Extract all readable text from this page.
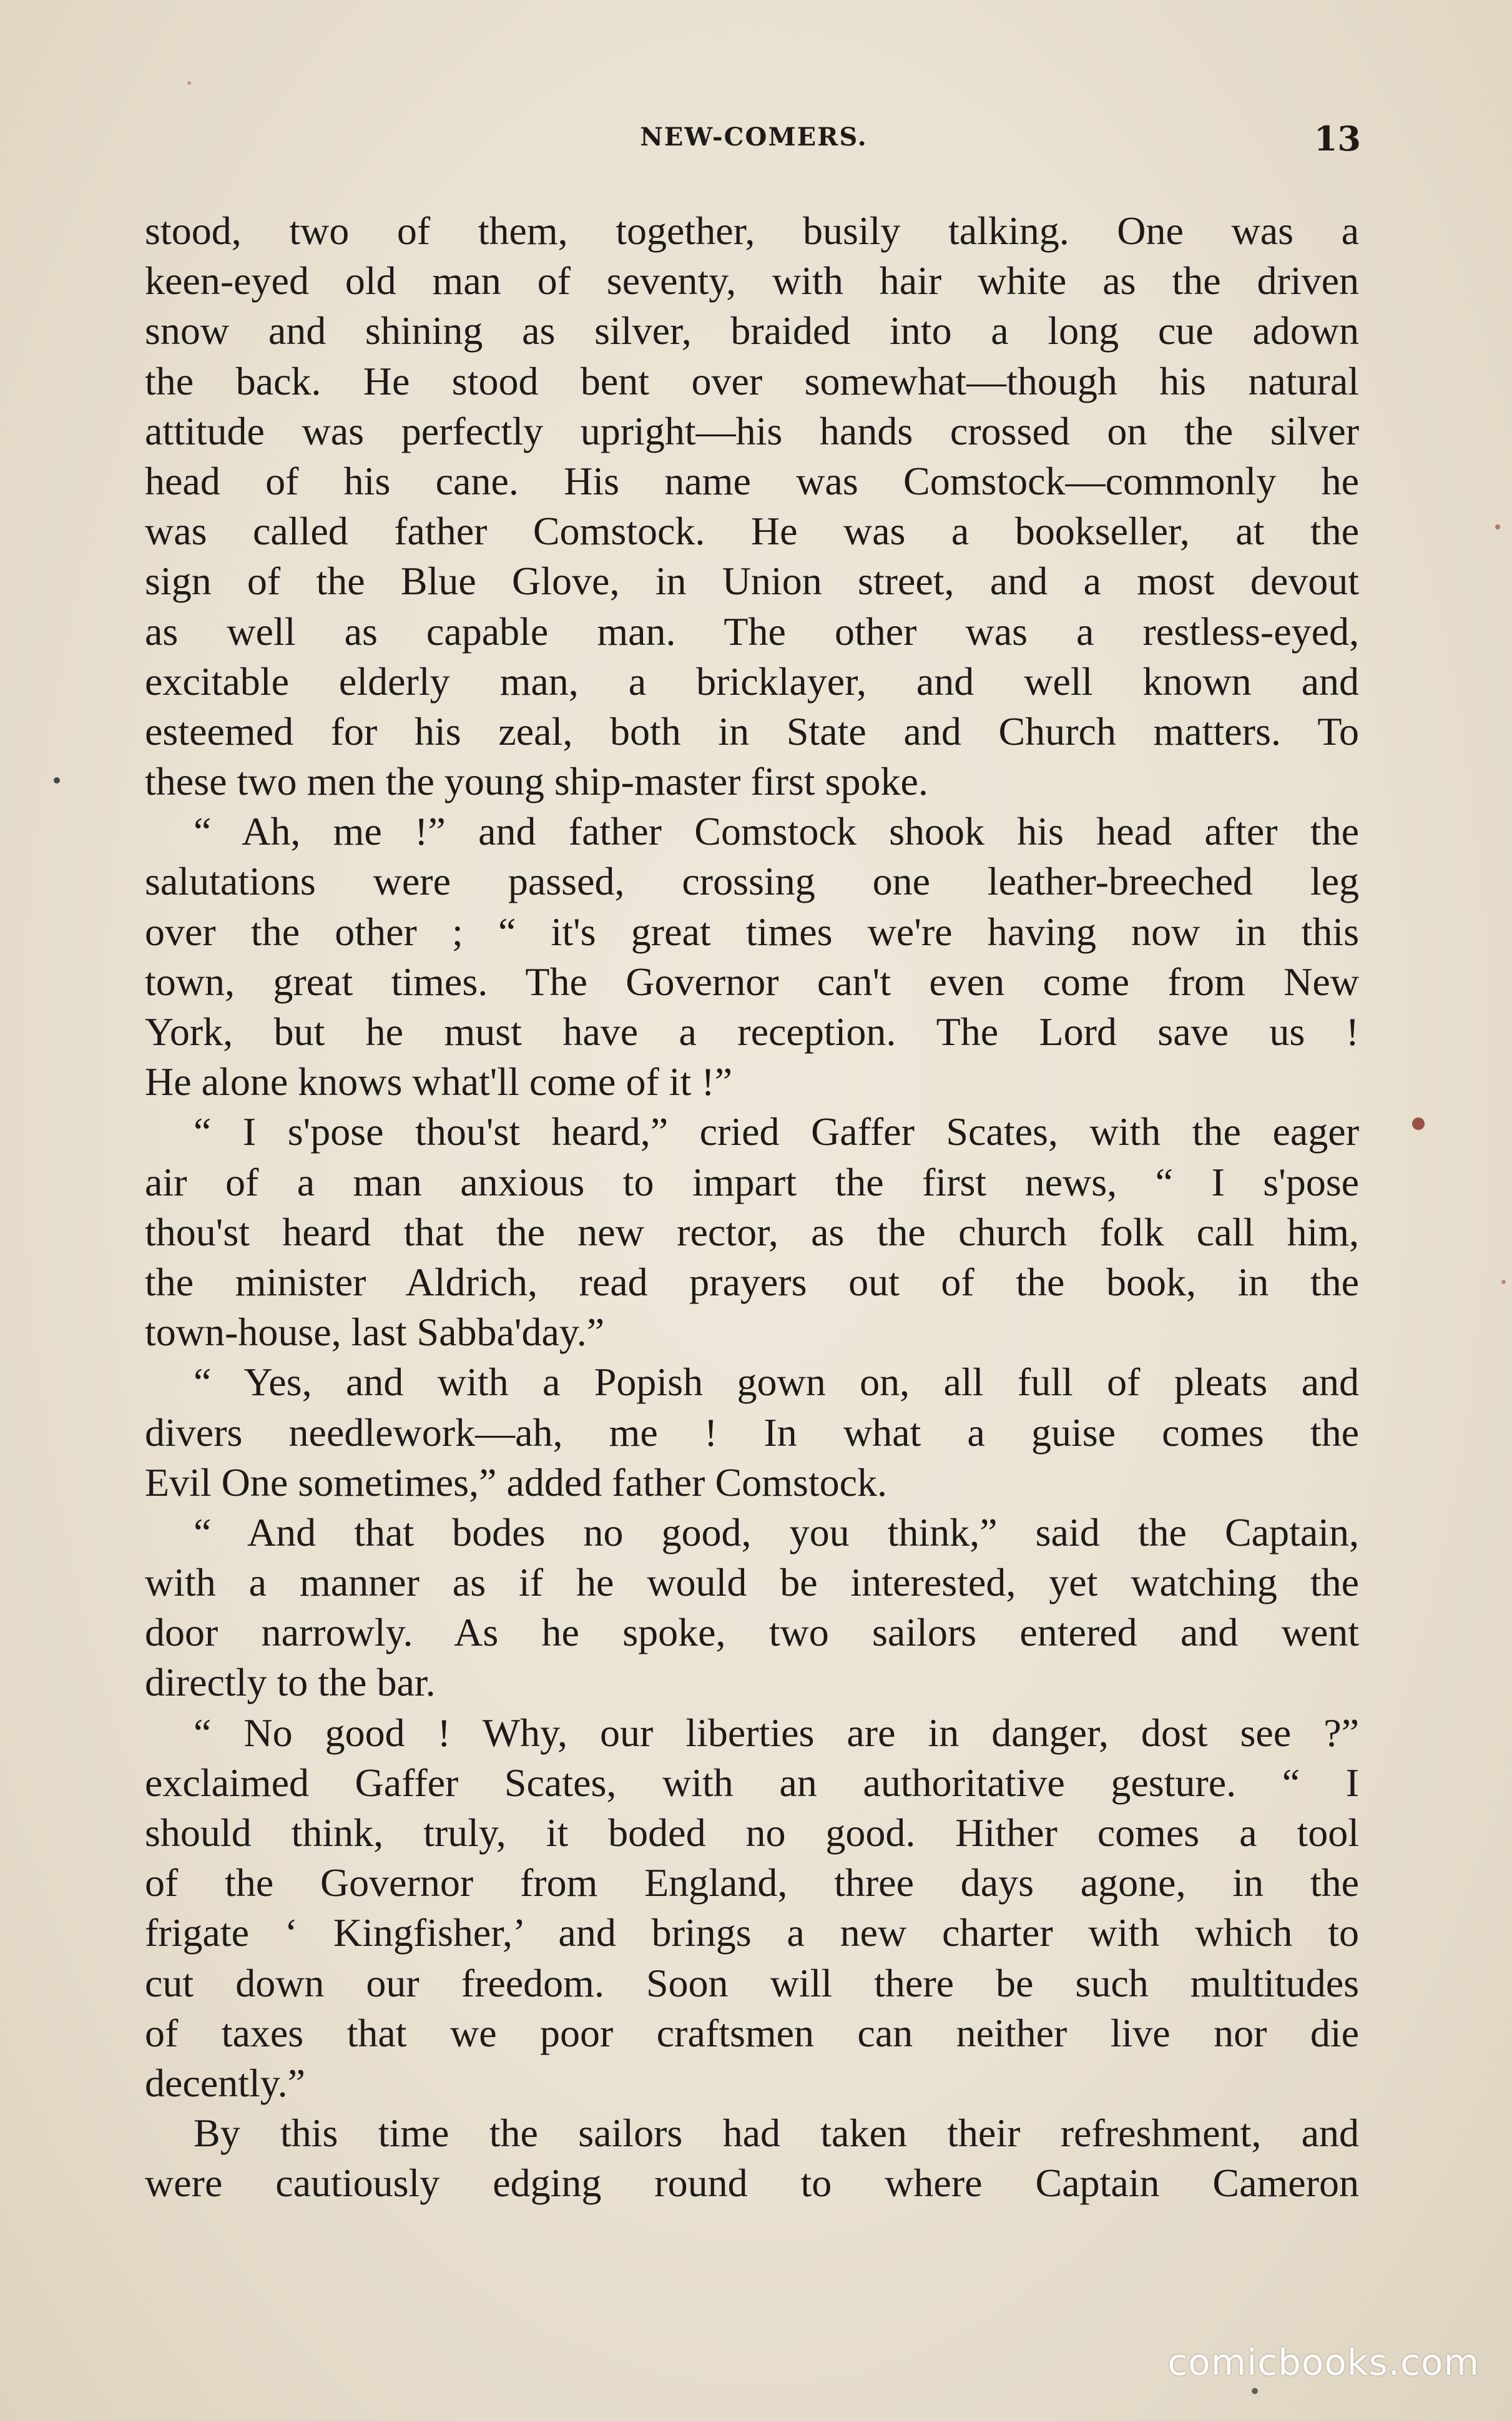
NEW-COMERS.	13
stood, two of them, together, busily talking. One was a
keen-eyed old man of seventy, with hair white as the driven
snow and shining as silver, braided into a long cue adown
the back. He stood bent over somewhat—though his natural
attitude was perfectly upright—his hands crossed on the silver
head of his cane. His name was Comstock—commonly he
was called father Comstock. He was a bookseller, at the
sign of the Blue Glove, in Union street, and a most devout
as well as capable man. The other was a restless-eyed,
excitable elderly man, a bricklayer, and well known and
esteemed for his zeal, both in State and Church matters. To
these two men the young ship-master first spoke.
“ Ah, me !” and father Comstock shook his head after the
salutations were passed, crossing one leather-breeched leg
over the other ; “ it's great times we're having now in this
town, great times. The Governor can't even come from New
York, but he must have a reception. The Lord save us !
He alone knows what'll come of it !”
“ I s'pose thou'st heard,” cried Gaffer Scates, with the eager
air of a man anxious to impart the first news, “ I s'pose
thou'st heard that the new rector, as the church folk call him,
the minister Aldrich, read prayers out of the book, in the
town-house, last Sabba'day.”
“ Yes, and with a Popish gown on, all full of pleats and
divers needlework—ah, me ! In what a guise comes the
Evil One sometimes,” added father Comstock.
“ And that bodes no good, you think,” said the Captain,
with a manner as if he would be interested, yet watching the
door narrowly. As he spoke, two sailors entered and went
directly to the bar.
“ No good ! Why, our liberties are in danger, dost see ?”
exclaimed Gaffer Scates, with an authoritative gesture. “ I
should think, truly, it boded no good. Hither comes a tool
of the Governor from England, three days agone, in the
frigate ‘ Kingfisher,’ and brings a new charter with which to
cut down our freedom. Soon will there be such multitudes
of taxes that we poor craftsmen can neither live nor die
decently.”
By this time the sailors had taken their refreshment, and
were cautiously edging round to where Captain Cameron
comicbooks.com
